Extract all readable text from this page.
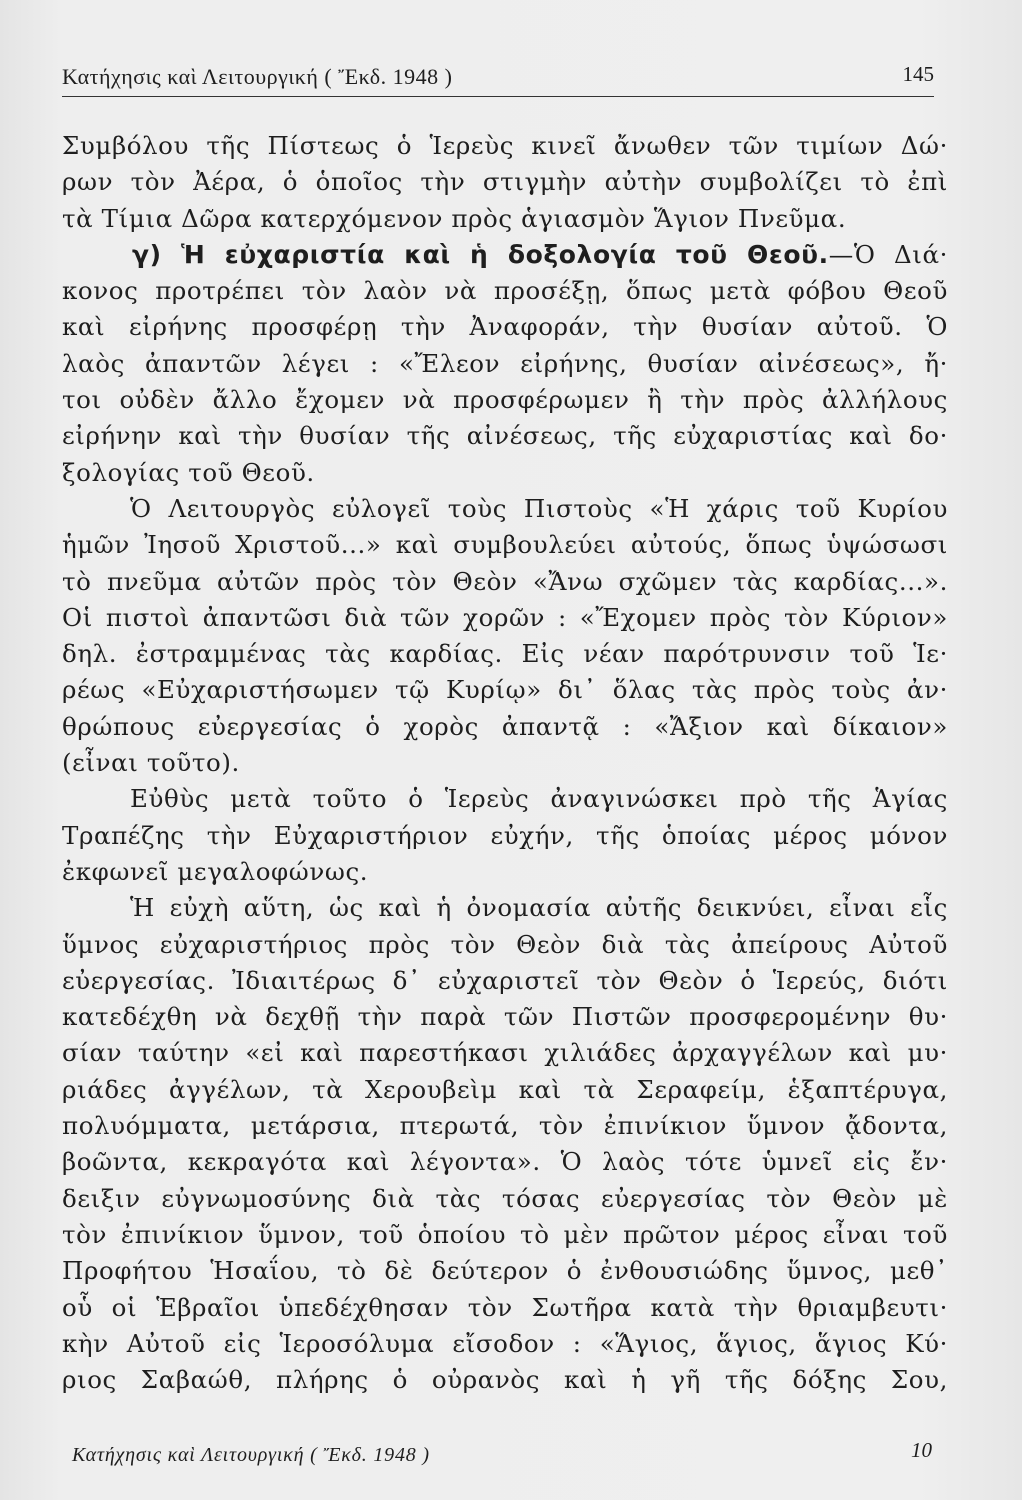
Κατήχησις καὶ Λειτουργική ( Ἔκδ. 1948 )	145
Συμβόλου τῆς Πίστεως ὁ Ἱερεὺς κινεῖ ἄνωθεν τῶν τιμίων Δώ·
ρων τὸν Ἀέρα, ὁ ὁποῖος τὴν στιγμὴν αὐτὴν συμβολίζει τὸ ἐπὶ
τὰ Τίμια Δῶρα κατερχόμενον πρὸς ἁγιασμὸν Ἅγιον Πνεῦμα.
γ) Ἡ εὐχαριστία καὶ ἡ δοξολογία τοῦ Θεοῦ.—Ὁ Διά·
κονος προτρέπει τὸν λαὸν νὰ προσέξῃ, ὅπως μετὰ φόβου Θεοῦ
καὶ εἰρήνης προσφέρῃ τὴν Ἀναφοράν, τὴν θυσίαν αὐτοῦ. Ὁ
λαὸς ἀπαντῶν λέγει : «Ἔλεον εἰρήνης, θυσίαν αἰνέσεως», ἤ·
τοι οὐδὲν ἄλλο ἔχομεν νὰ προσφέρωμεν ἢ τὴν πρὸς ἀλλήλους
εἰρήνην καὶ τὴν θυσίαν τῆς αἰνέσεως, τῆς εὐχαριστίας καὶ δο·
ξολογίας τοῦ Θεοῦ.
Ὁ Λειτουργὸς εὐλογεῖ τοὺς Πιστοὺς «Ἡ χάρις τοῦ Κυρίου
ἡμῶν Ἰησοῦ Χριστοῦ...» καὶ συμβουλεύει αὐτούς, ὅπως ὑψώσωσι
τὸ πνεῦμα αὐτῶν πρὸς τὸν Θεὸν «Ἄνω σχῶμεν τὰς καρδίας...».
Οἱ πιστοὶ ἀπαντῶσι διὰ τῶν χορῶν : «Ἔχομεν πρὸς τὸν Κύριον»
δηλ. ἐστραμμένας τὰς καρδίας. Εἰς νέαν παρότρυνσιν τοῦ Ἱε·
ρέως «Εὐχαριστήσωμεν τῷ Κυρίῳ» δι᾽ ὅλας τὰς πρὸς τοὺς ἀν·
θρώπους εὐεργεσίας ὁ χορὸς ἀπαντᾷ : «Ἄξιον καὶ δίκαιον»
(εἶναι τοῦτο).
Εὐθὺς μετὰ τοῦτο ὁ Ἱερεὺς ἀναγινώσκει πρὸ τῆς Ἁγίας
Τραπέζης τὴν Εὐχαριστήριον εὐχήν, τῆς ὁποίας μέρος μόνον
ἐκφωνεῖ μεγαλοφώνως.
Ἡ εὐχὴ αὕτη, ὡς καὶ ἡ ὀνομασία αὐτῆς δεικνύει, εἶναι εἷς
ὕμνος εὐχαριστήριος πρὸς τὸν Θεὸν διὰ τὰς ἀπείρους Αὐτοῦ
εὐεργεσίας. Ἰδιαιτέρως δ᾽ εὐχαριστεῖ τὸν Θεὸν ὁ Ἱερεύς, διότι
κατεδέχθη νὰ δεχθῇ τὴν παρὰ τῶν Πιστῶν προσφερομένην θυ·
σίαν ταύτην «εἰ καὶ παρεστήκασι χιλιάδες ἀρχαγγέλων καὶ μυ·
ριάδες ἀγγέλων, τὰ Χερουβεὶμ καὶ τὰ Σεραφείμ, ἑξαπτέρυγα,
πολυόμματα, μετάρσια, πτερωτά, τὸν ἐπινίκιον ὕμνον ᾄδοντα,
βοῶντα, κεκραγότα καὶ λέγοντα». Ὁ λαὸς τότε ὑμνεῖ εἰς ἔν·
δειξιν εὐγνωμοσύνης διὰ τὰς τόσας εὐεργεσίας τὸν Θεὸν μὲ
τὸν ἐπινίκιον ὕμνον, τοῦ ὁποίου τὸ μὲν πρῶτον μέρος εἶναι τοῦ
Προφήτου Ἡσαΐου, τὸ δὲ δεύτερον ὁ ἐνθουσιώδης ὕμνος, μεθ᾽
οὗ οἱ Ἑβραῖοι ὑπεδέχθησαν τὸν Σωτῆρα κατὰ τὴν θριαμβευτι·
κὴν Αὐτοῦ εἰς Ἱεροσόλυμα εἴσοδον : «Ἅγιος, ἅγιος, ἅγιος Κύ·
ριος Σαβαώθ, πλήρης ὁ οὐρανὸς καὶ ἡ γῆ τῆς δόξης Σου,
Κατήχησις καὶ Λειτουργική ( Ἔκδ. 1948 )	10
